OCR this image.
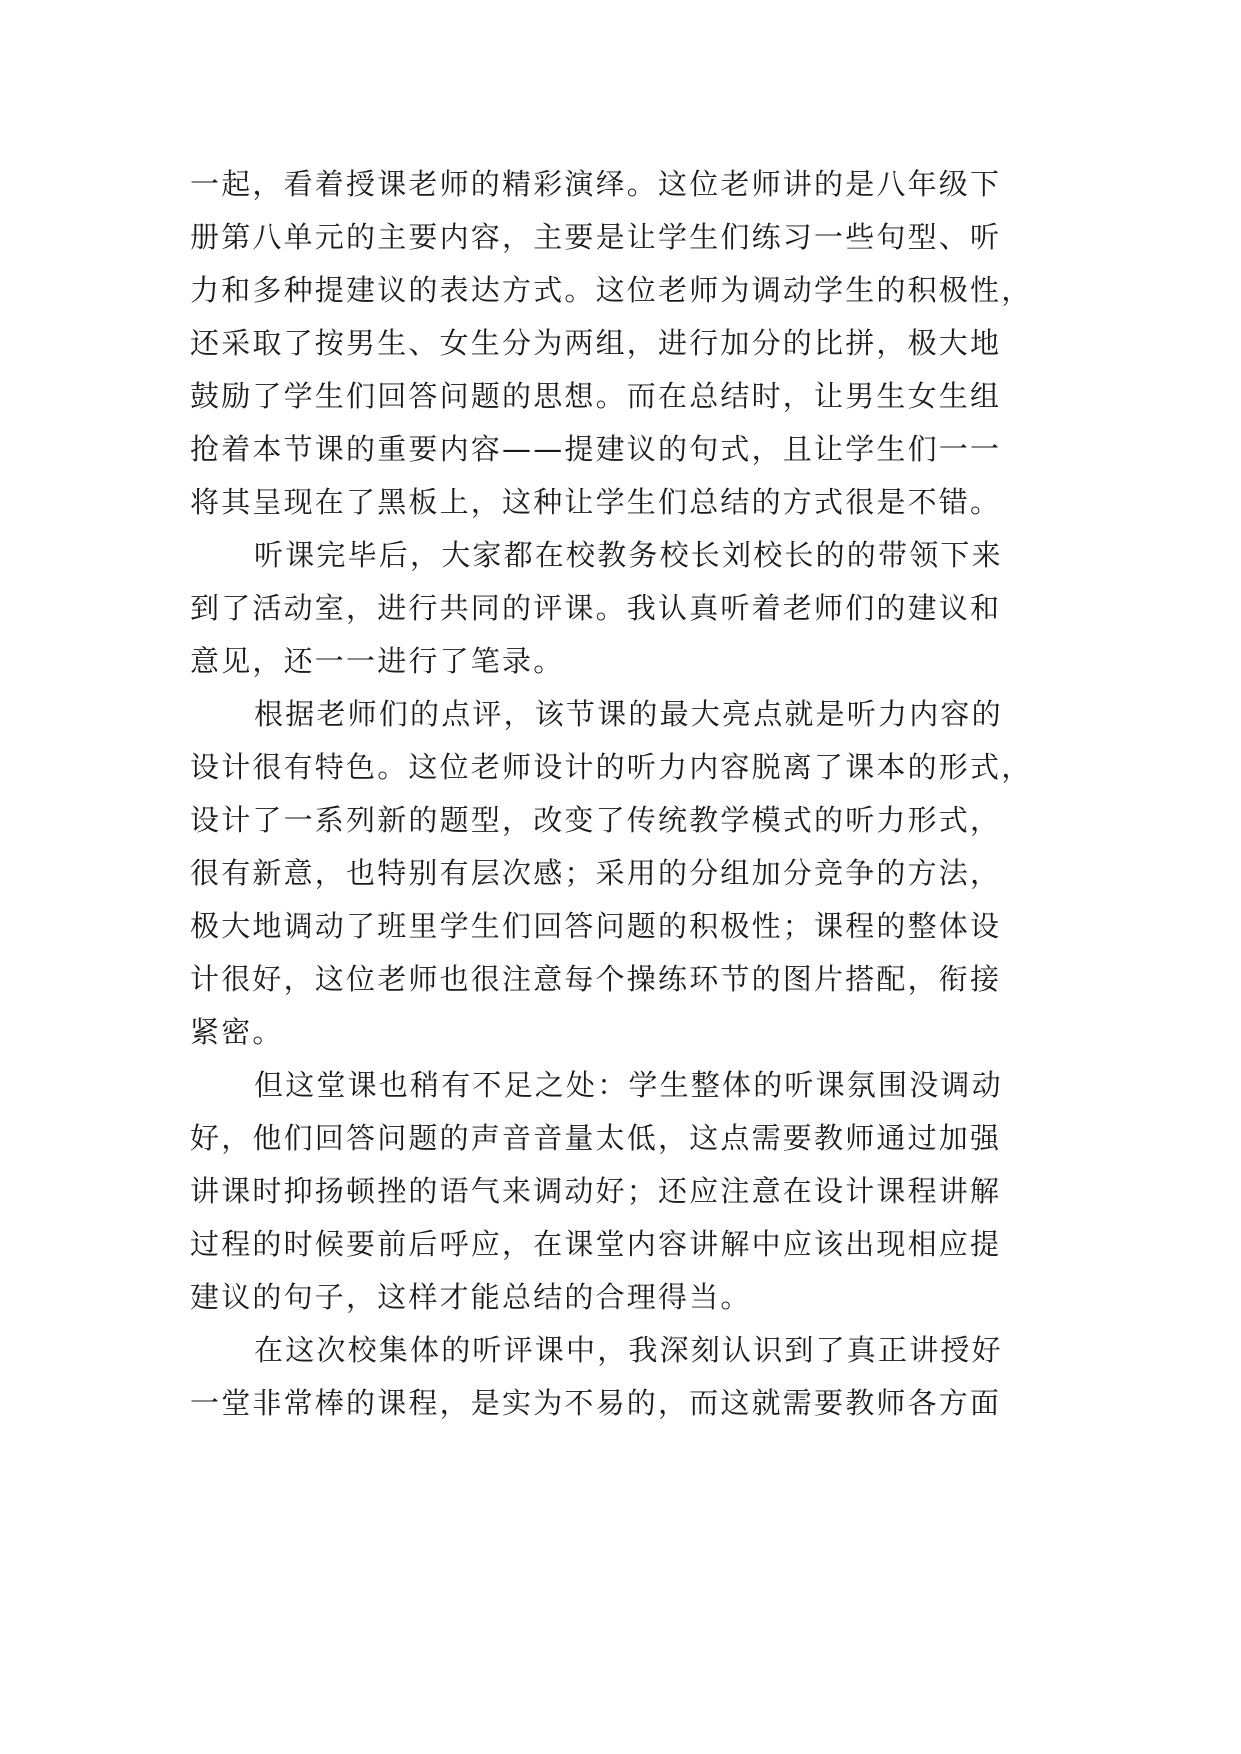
一起，看着授课老师的精彩演绎。这位老师讲的是八年级下
册第八单元的主要内容，主要是让学生们练习一些句型、听
力和多种提建议的表达方式。这位老师为调动学生的积极性，
还采取了按男生、女生分为两组，进行加分的比拼，极大地
鼓励了学生们回答问题的思想。而在总结时，让男生女生组
抢着本节课的重要内容——提建议的句式，且让学生们一一
将其呈现在了黑板上，这种让学生们总结的方式很是不错。
听课完毕后，大家都在校教务校长刘校长的的带领下来
到了活动室，进行共同的评课。我认真听着老师们的建议和
意见，还一一进行了笔录。
根据老师们的点评，该节课的最大亮点就是听力内容的
设计很有特色。这位老师设计的听力内容脱离了课本的形式，
设计了一系列新的题型，改变了传统教学模式的听力形式，
很有新意，也特别有层次感；采用的分组加分竞争的方法，
极大地调动了班里学生们回答问题的积极性；课程的整体设
计很好，这位老师也很注意每个操练环节的图片搭配，衔接
紧密。
但这堂课也稍有不足之处：学生整体的听课氛围没调动
好，他们回答问题的声音音量太低，这点需要教师通过加强
讲课时抑扬顿挫的语气来调动好；还应注意在设计课程讲解
过程的时候要前后呼应，在课堂内容讲解中应该出现相应提
建议的句子，这样才能总结的合理得当。
在这次校集体的听评课中，我深刻认识到了真正讲授好
一堂非常棒的课程，是实为不易的，而这就需要教师各方面
